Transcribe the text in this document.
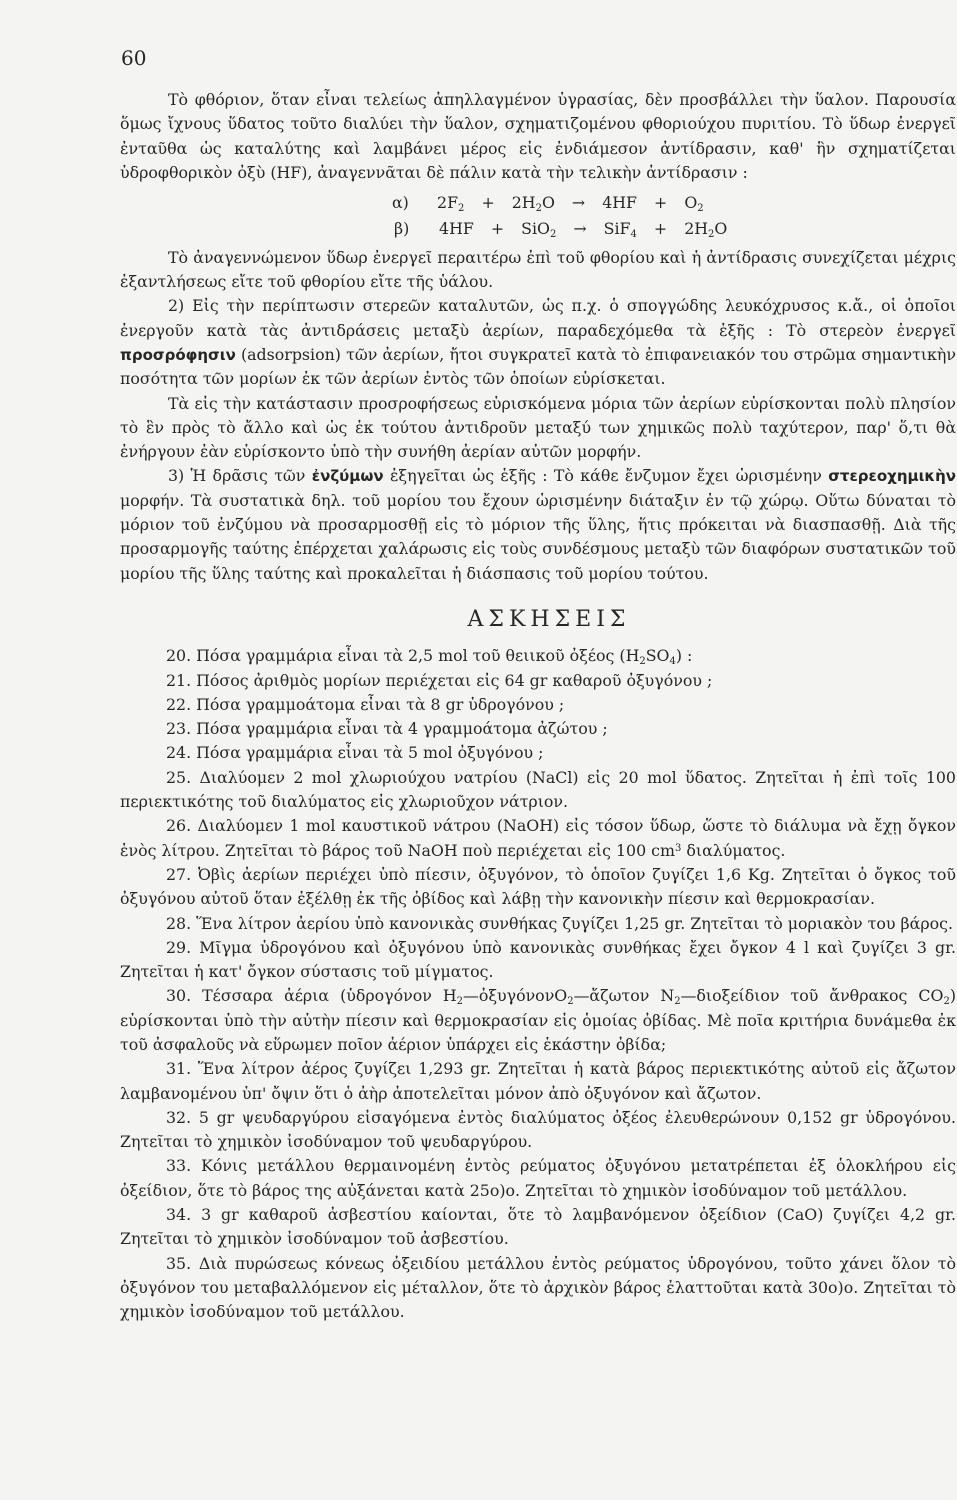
60

Τὸ φθόριον, ὅταν εἶναι τελείως ἀπηλλαγμένον ὑγρασίας, δὲν προσβάλλει τὴν ὕαλον. Παρουσία ὅμως ἴχνους ὕδατος τοῦτο διαλύει τὴν ὕαλον, σχηματιζομένου φθοριούχου πυριτίου. Τὸ ὕδωρ ἐνεργεῖ ἐνταῦθα ὡς καταλύτης καὶ λαμβάνει μέρος εἰς ἐνδιάμεσον ἀντίδρασιν, καθ' ἣν σχηματίζεται ὑδροφθορικὸν ὀξὺ (HF), ἀναγεννᾶται δὲ πάλιν κατὰ τὴν τελικὴν ἀντίδρασιν :

α) $2F_2 + 2H_2O \to 4HF + O_2$
β) $4HF + SiO_2 \to SiF_4 + 2H_2O$

Τὸ ἀναγεννώμενον ὕδωρ ἐνεργεῖ περαιτέρω ἐπὶ τοῦ φθορίου καὶ ἡ ἀντίδρασις συνεχίζεται μέχρις ἐξαντλήσεως εἴτε τοῦ φθορίου εἴτε τῆς ὑάλου.

2) Εἰς τὴν περίπτωσιν στερεῶν καταλυτῶν, ὡς π.χ. ὁ σπογγώδης λευκόχρυσος κ.ἄ., οἱ ὁποῖοι ἐνεργοῦν κατὰ τὰς ἀντιδράσεις μεταξὺ ἀερίων, παραδεχόμεθα τὰ ἑξῆς : Τὸ στερεὸν ἐνεργεῖ προσρόφησιν (adsorpsion) τῶν ἀερίων, ἤτοι συγκρατεῖ κατὰ τὸ ἐπιφανειακόν του στρῶμα σημαντικὴν ποσότητα τῶν μορίων ἐκ τῶν ἀερίων ἐντὸς τῶν ὁποίων εὑρίσκεται.

Τὰ εἰς τὴν κατάστασιν προσροφήσεως εὑρισκόμενα μόρια τῶν ἀερίων εὑρίσκονται πολὺ πλησίον τὸ ἓν πρὸς τὸ ἄλλο καὶ ὡς ἐκ τούτου ἀντιδροῦν μεταξύ των χημικῶς πολὺ ταχύτερον, παρ' ὅ,τι θὰ ἐνήργουν ἐὰν εὑρίσκοντο ὑπὸ τὴν συνήθη ἀερίαν αὐτῶν μορφήν.

3) Ἡ δρᾶσις τῶν ἐνζύμων ἐξηγεῖται ὡς ἑξῆς : Τὸ κάθε ἔνζυμον ἔχει ὡρισμένην στερεοχημικὴν μορφήν. Τὰ συστατικὰ δηλ. τοῦ μορίου του ἔχουν ὡρισμένην διάταξιν ἐν τῷ χώρῳ. Οὕτω δύναται τὸ μόριον τοῦ ἐνζύμου νὰ προσαρμοσθῇ εἰς τὸ μόριον τῆς ὕλης, ἥτις πρόκειται νὰ διασπασθῇ. Διὰ τῆς προσαρμογῆς ταύτης ἐπέρχεται χαλάρωσις εἰς τοὺς συνδέσμους μεταξὺ τῶν διαφόρων συστατικῶν τοῦ μορίου τῆς ὕλης ταύτης καὶ προκαλεῖται ἡ διάσπασις τοῦ μορίου τούτου.

ΑΣΚΗΣΕΙΣ

20. Πόσα γραμμάρια εἶναι τὰ 2,5 mol τοῦ θειικοῦ ὀξέος $(H_2SO_4)$ :

21. Πόσος ἀριθμὸς μορίων περιέχεται εἰς 64 gr καθαροῦ ὀξυγόνου ;

22. Πόσα γραμμοάτομα εἶναι τὰ 8 gr ὑδρογόνου ;

23. Πόσα γραμμάρια εἶναι τὰ 4 γραμμοάτομα ἀζώτου ;

24. Πόσα γραμμάρια εἶναι τὰ 5 mol ὀξυγόνου ;

25. Διαλύομεν 2 mol χλωριούχου νατρίου (NaCl) εἰς 20 mol ὕδατος. Ζητεῖται ἡ ἐπὶ τοῖς 100 περιεκτικότης τοῦ διαλύματος εἰς χλωριοῦχον νάτριον.

26. Διαλύομεν 1 mol καυστικοῦ νάτρου (NaOH) εἰς τόσον ὕδωρ, ὥστε τὸ διάλυμα νὰ ἔχῃ ὄγκον ἑνὸς λίτρου. Ζητεῖται τὸ βάρος τοῦ NaOH ποὺ περιέχεται εἰς 100 $cm^3$ διαλύματος.

27. Ὀβὶς ἀερίων περιέχει ὑπὸ πίεσιν, ὀξυγόνον, τὸ ὁποῖον ζυγίζει 1,6 Kg. Ζητεῖται ὁ ὄγκος τοῦ ὀξυγόνου αὐτοῦ ὅταν ἐξέλθῃ ἐκ τῆς ὀβίδος καὶ λάβῃ τὴν κανονικὴν πίεσιν καὶ θερμοκρασίαν.

28. Ἕνα λίτρον ἀερίου ὑπὸ κανονικὰς συνθήκας ζυγίζει 1,25 gr. Ζητεῖται τὸ μοριακὸν του βάρος.

29. Μῖγμα ὑδρογόνου καὶ ὀξυγόνου ὑπὸ κανονικὰς συνθήκας ἔχει ὄγκον 4 l καὶ ζυγίζει 3 gr. Ζητεῖται ἡ κατ' ὄγκον σύστασις τοῦ μίγματος.

30. Τέσσαρα ἀέρια (ὑδρογόνον $H_2—ὀ\xi\upsilon\gamma ό\nu o\nu O_2—ἄ\zeta\omega\tau o\nu$ $N_2—\delta\iota o\xi\varepsilon ί\delta\iota o\nu$ τοῦ ἄνθρακος $CO_2$) εὑρίσκονται ὑπὸ τὴν αὐτὴν πίεσιν καὶ θερμοκρασίαν εἰς ὁμοίας ὀβίδας. Μὲ ποῖα κριτήρια δυνάμεθα ἐκ τοῦ ἀσφαλοῦς νὰ εὕρωμεν ποῖον ἀέριον ὑπάρχει εἰς ἑκάστην ὀβίδα;

31. Ἕνα λίτρον ἀέρος ζυγίζει 1,293 gr. Ζητεῖται ἡ κατὰ βάρος περιεκτικότης αὐτοῦ εἰς ἄζωτον λαμβανομένου ὑπ' ὄψιν ὅτι ὁ ἀὴρ ἀποτελεῖται μόνον ἀπὸ ὀξυγόνον καὶ ἄζωτον.

32. 5 gr ψευδαργύρου εἰσαγόμενα ἐντὸς διαλύματος ὀξέος ἐλευθερώνουν 0,152 gr ὑδρογόνου. Ζητεῖται τὸ χημικὸν ἰσοδύναμον τοῦ ψευδαργύρου.

33. Κόνις μετάλλου θερμαινομένη ἐντὸς ρεύματος ὀξυγόνου μετατρέπεται ἐξ ὁλοκλήρου εἰς ὀξείδιον, ὅτε τὸ βάρος της αὐξάνεται κατὰ 25ο)ο. Ζητεῖται τὸ χημικὸν ἰσοδύναμον τοῦ μετάλλου.

34. 3 gr καθαροῦ ἀσβεστίου καίονται, ὅτε τὸ λαμβανόμενον ὀξείδιον (CaO) ζυγίζει 4,2 gr. Ζητεῖται τὸ χημικὸν ἰσοδύναμον τοῦ ἀσβεστίου.

35. Διὰ πυρώσεως κόνεως ὀξειδίου μετάλλου ἐντὸς ρεύματος ὑδρογόνου, τοῦτο χάνει ὅλον τὸ ὀξυγόνον του μεταβαλλόμενον εἰς μέταλλον, ὅτε τὸ ἀρχικὸν βάρος ἐλαττοῦται κατὰ 30ο)ο. Ζητεῖται τὸ χημικὸν ἰσοδύναμον τοῦ μετάλλου.
